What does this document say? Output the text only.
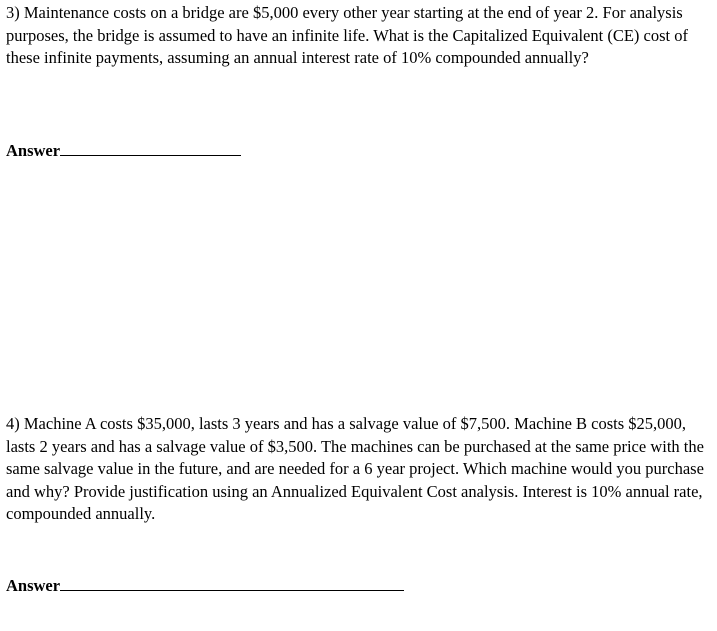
3) Maintenance costs on a bridge are $5,000 every other year starting at the end of year 2. For analysis purposes, the bridge is assumed to have an infinite life. What is the Capitalized Equivalent (CE) cost of these infinite payments, assuming an annual interest rate of 10% compounded annually?

Answer

4) Machine A costs $35,000, lasts 3 years and has a salvage value of $7,500. Machine B costs $25,000, lasts 2 years and has a salvage value of $3,500. The machines can be purchased at the same price with the same salvage value in the future, and are needed for a 6 year project. Which machine would you purchase and why? Provide justification using an Annualized Equivalent Cost analysis. Interest is 10% annual rate, compounded annually.

Answer
